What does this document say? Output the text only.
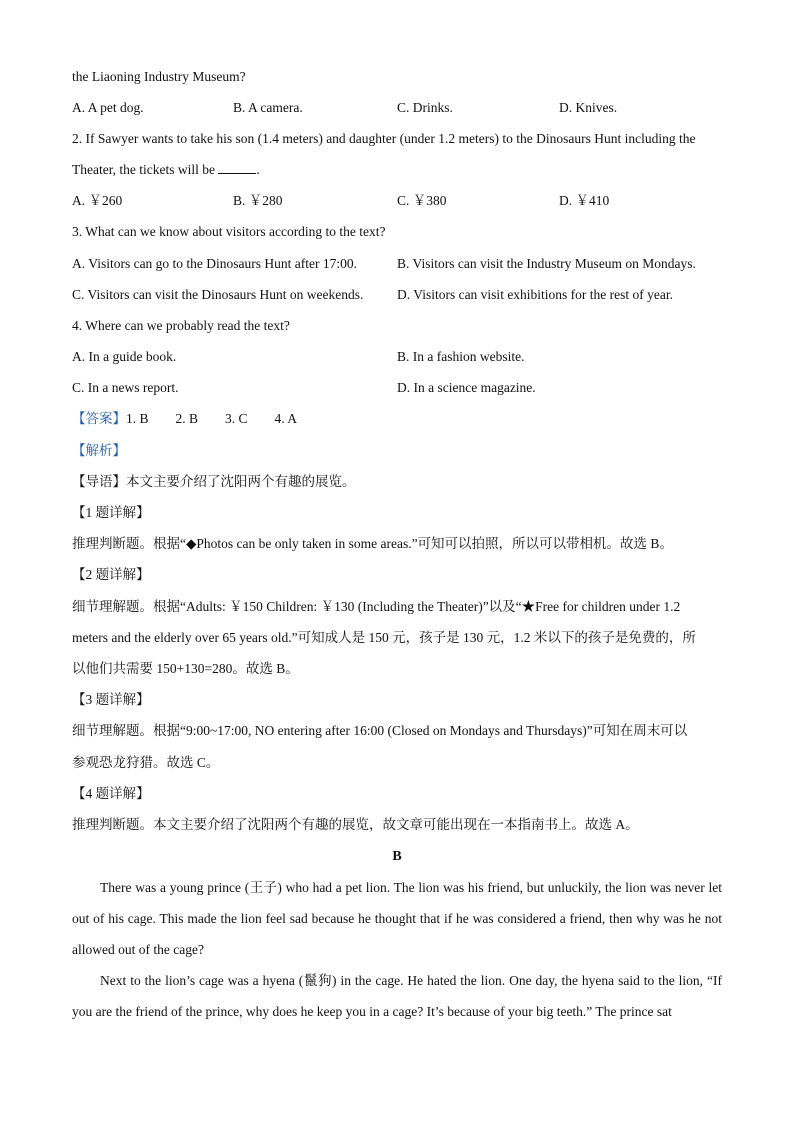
the Liaoning Industry Museum?
A. A pet dog.	B. A camera.	C. Drinks.	D. Knives.
2. If Sawyer wants to take his son (1.4 meters) and daughter (under 1.2 meters) to the Dinosaurs Hunt including the
Theater, the tickets will be	.
A. ￥260	B. ￥280	C. ￥380	D. ￥410
3. What can we know about visitors according to the text?
A. Visitors can go to the Dinosaurs Hunt after 17:00.	B. Visitors can visit the Industry Museum on Mondays.
C. Visitors can visit the Dinosaurs Hunt on weekends. D. Visitors can visit exhibitions for the rest of year.
4. Where can we probably read the text?
A. In a guide book.	B. In a fashion website.
C. In a news report.	D. In a science magazine.
【答案】1. B        2. B        3. C        4. A
【解析】
【导语】本文主要介绍了沈阳两个有趣的展览。
【1 题详解】
推理判断题。根据“◆Photos can be only taken in some areas.”可知可以拍照，所以可以带相机。故选 B。
【2 题详解】
细节理解题。根据“Adults: ￥150 Children: ￥130 (Including the Theater)”以及“★Free for children under 1.2
meters and the elderly over 65 years old.”可知成人是 150 元，孩子是 130 元，1.2 米以下的孩子是免费的，所
以他们共需要 150+130=280。故选 B。
【3 题详解】
细节理解题。根据“9:00~17:00, NO entering after 16:00 (Closed on Mondays and Thursdays)”可知在周末可以
参观恐龙狩猎。故选 C。
【4 题详解】
推理判断题。本文主要介绍了沈阳两个有趣的展览，故文章可能出现在一本指南书上。故选 A。
B
There was a young prince (王子) who had a pet lion. The lion was his friend, but unluckily, the lion was never let out of his cage. This made the lion feel sad because he thought that if he was considered a friend, then why was he not allowed out of the cage?
Next to the lion’s cage was a hyena (鬣狗) in the cage. He hated the lion. One day, the hyena said to the lion, “If you are the friend of the prince, why does he keep you in a cage? It’s because of your big teeth.” The prince sat
